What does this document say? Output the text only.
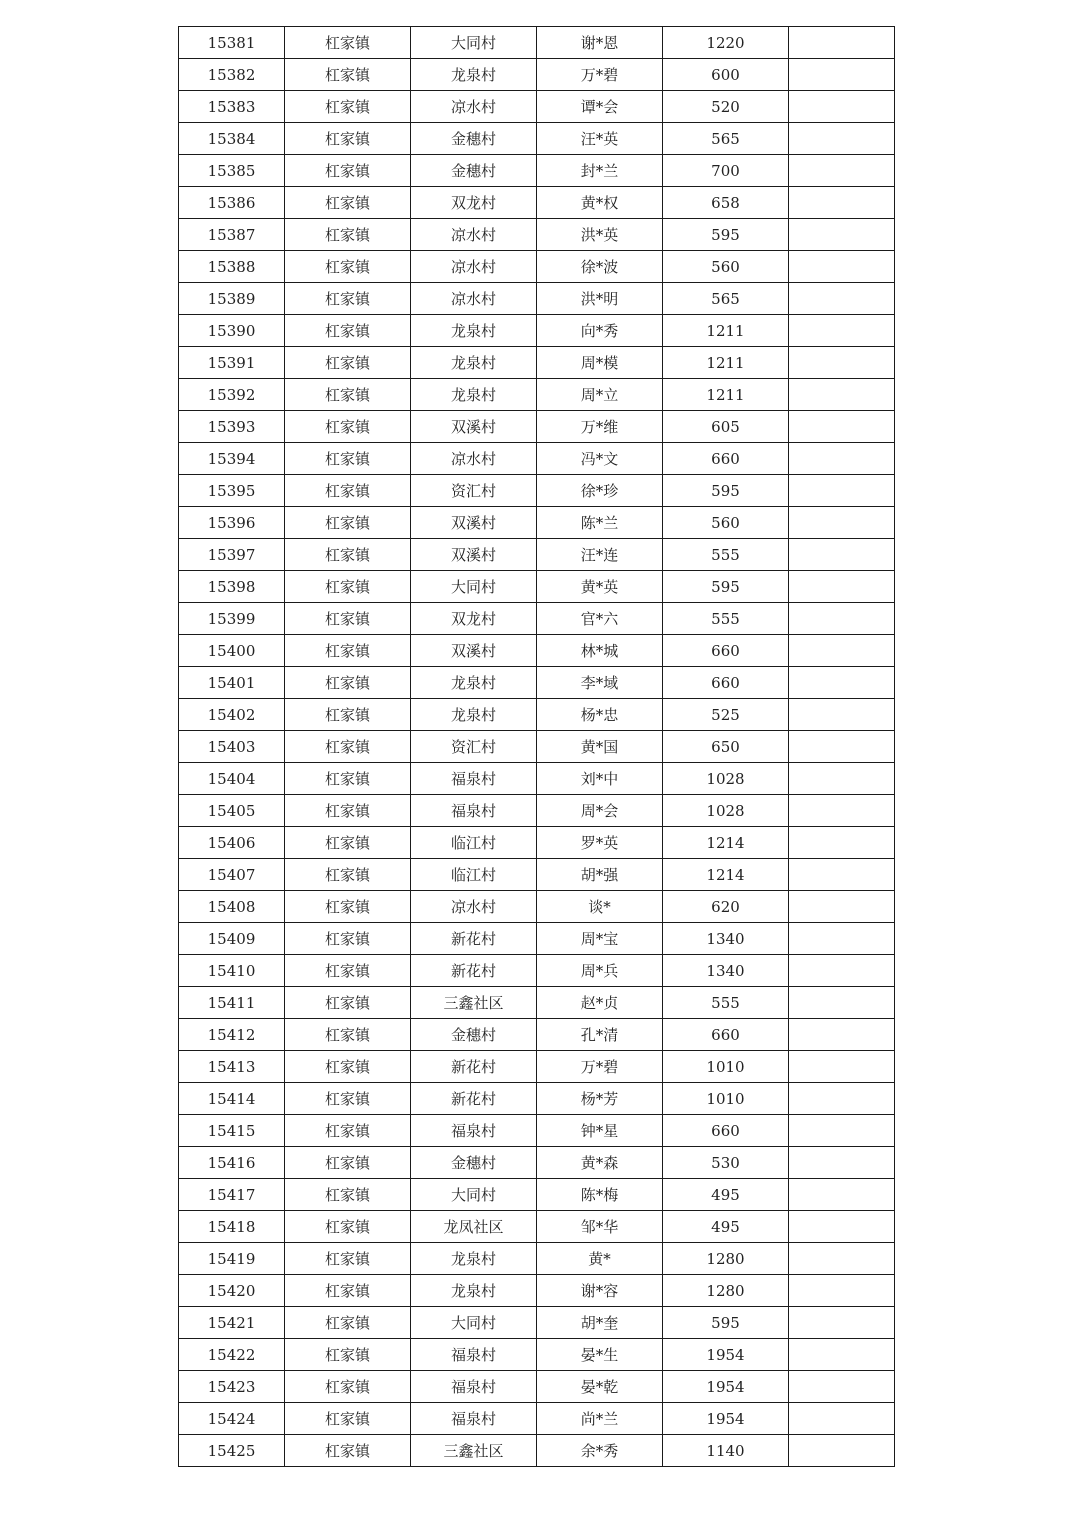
15381	杠家镇	大同村	谢*恩	1220	
15382	杠家镇	龙泉村	万*碧	600	
15383	杠家镇	凉水村	谭*会	520	
15384	杠家镇	金穗村	汪*英	565	
15385	杠家镇	金穗村	封*兰	700	
15386	杠家镇	双龙村	黄*权	658	
15387	杠家镇	凉水村	洪*英	595	
15388	杠家镇	凉水村	徐*波	560	
15389	杠家镇	凉水村	洪*明	565	
15390	杠家镇	龙泉村	向*秀	1211	
15391	杠家镇	龙泉村	周*模	1211	
15392	杠家镇	龙泉村	周*立	1211	
15393	杠家镇	双溪村	万*维	605	
15394	杠家镇	凉水村	冯*文	660	
15395	杠家镇	资汇村	徐*珍	595	
15396	杠家镇	双溪村	陈*兰	560	
15397	杠家镇	双溪村	汪*连	555	
15398	杠家镇	大同村	黄*英	595	
15399	杠家镇	双龙村	官*六	555	
15400	杠家镇	双溪村	林*城	660	
15401	杠家镇	龙泉村	李*域	660	
15402	杠家镇	龙泉村	杨*忠	525	
15403	杠家镇	资汇村	黄*国	650	
15404	杠家镇	福泉村	刘*中	1028	
15405	杠家镇	福泉村	周*会	1028	
15406	杠家镇	临江村	罗*英	1214	
15407	杠家镇	临江村	胡*强	1214	
15408	杠家镇	凉水村	谈*	620	
15409	杠家镇	新花村	周*宝	1340	
15410	杠家镇	新花村	周*兵	1340	
15411	杠家镇	三鑫社区	赵*贞	555	
15412	杠家镇	金穗村	孔*清	660	
15413	杠家镇	新花村	万*碧	1010	
15414	杠家镇	新花村	杨*芳	1010	
15415	杠家镇	福泉村	钟*星	660	
15416	杠家镇	金穗村	黄*森	530	
15417	杠家镇	大同村	陈*梅	495	
15418	杠家镇	龙凤社区	邹*华	495	
15419	杠家镇	龙泉村	黄*	1280	
15420	杠家镇	龙泉村	谢*容	1280	
15421	杠家镇	大同村	胡*奎	595	
15422	杠家镇	福泉村	晏*生	1954	
15423	杠家镇	福泉村	晏*乾	1954	
15424	杠家镇	福泉村	尚*兰	1954	
15425	杠家镇	三鑫社区	余*秀	1140	
